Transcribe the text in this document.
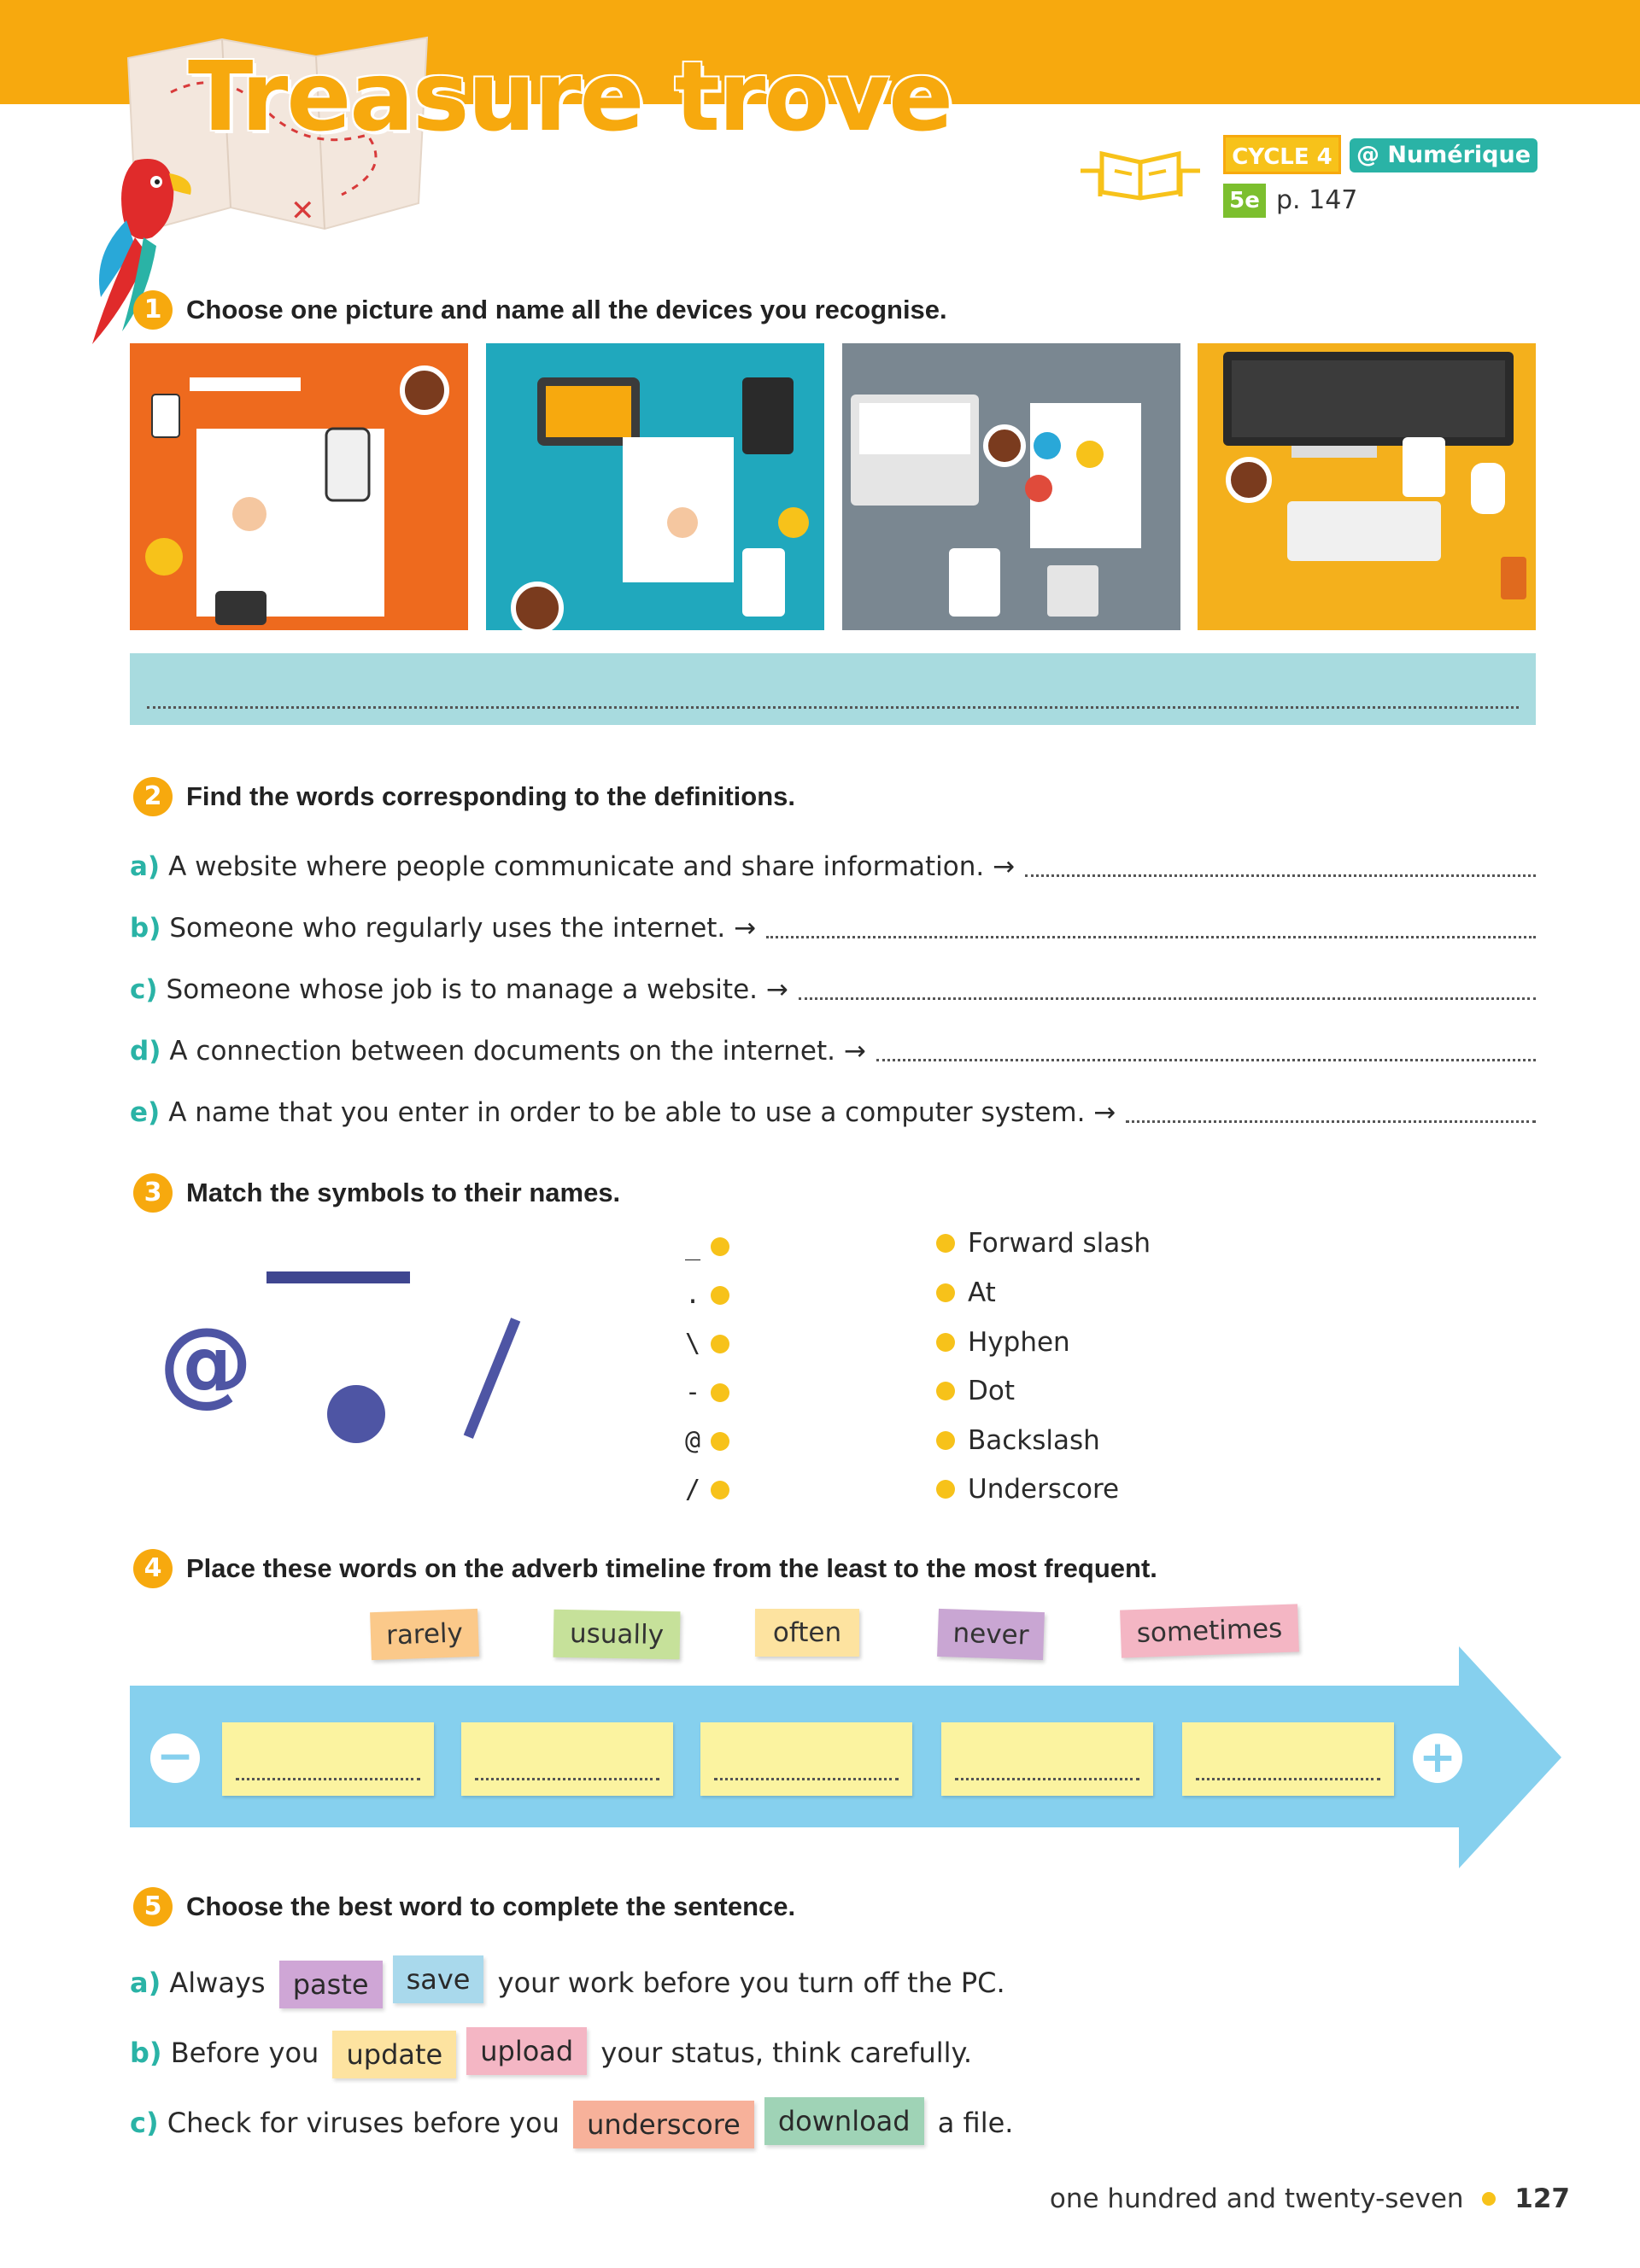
✕
Treasure trove
CYCLE 4	@ Numérique
5e p. 147
1 Choose one picture and name all the devices you recognise.
2 Find the words corresponding to the definitions.
a) A website where people communicate and share information. →
b) Someone who regularly uses the internet. →
c) Someone whose job is to manage a website. →
d) A connection between documents on the internet. →
e) A name that you enter in order to be able to use a computer system. →
3 Match the symbols to their names.
@
_
.
\
-
@
/
Forward slash
At
Hyphen
Dot
Backslash
Underscore
4 Place these words on the adverb timeline from the least to the most frequent.
rarely	usually	often	never	sometimes
−	+
5 Choose the best word to complete the sentence.
a) Always paste save your work before you turn off the PC.
b) Before you update upload your status, think carefully.
c) Check for viruses before you underscore download a file.
one hundred and twenty-seven 127
